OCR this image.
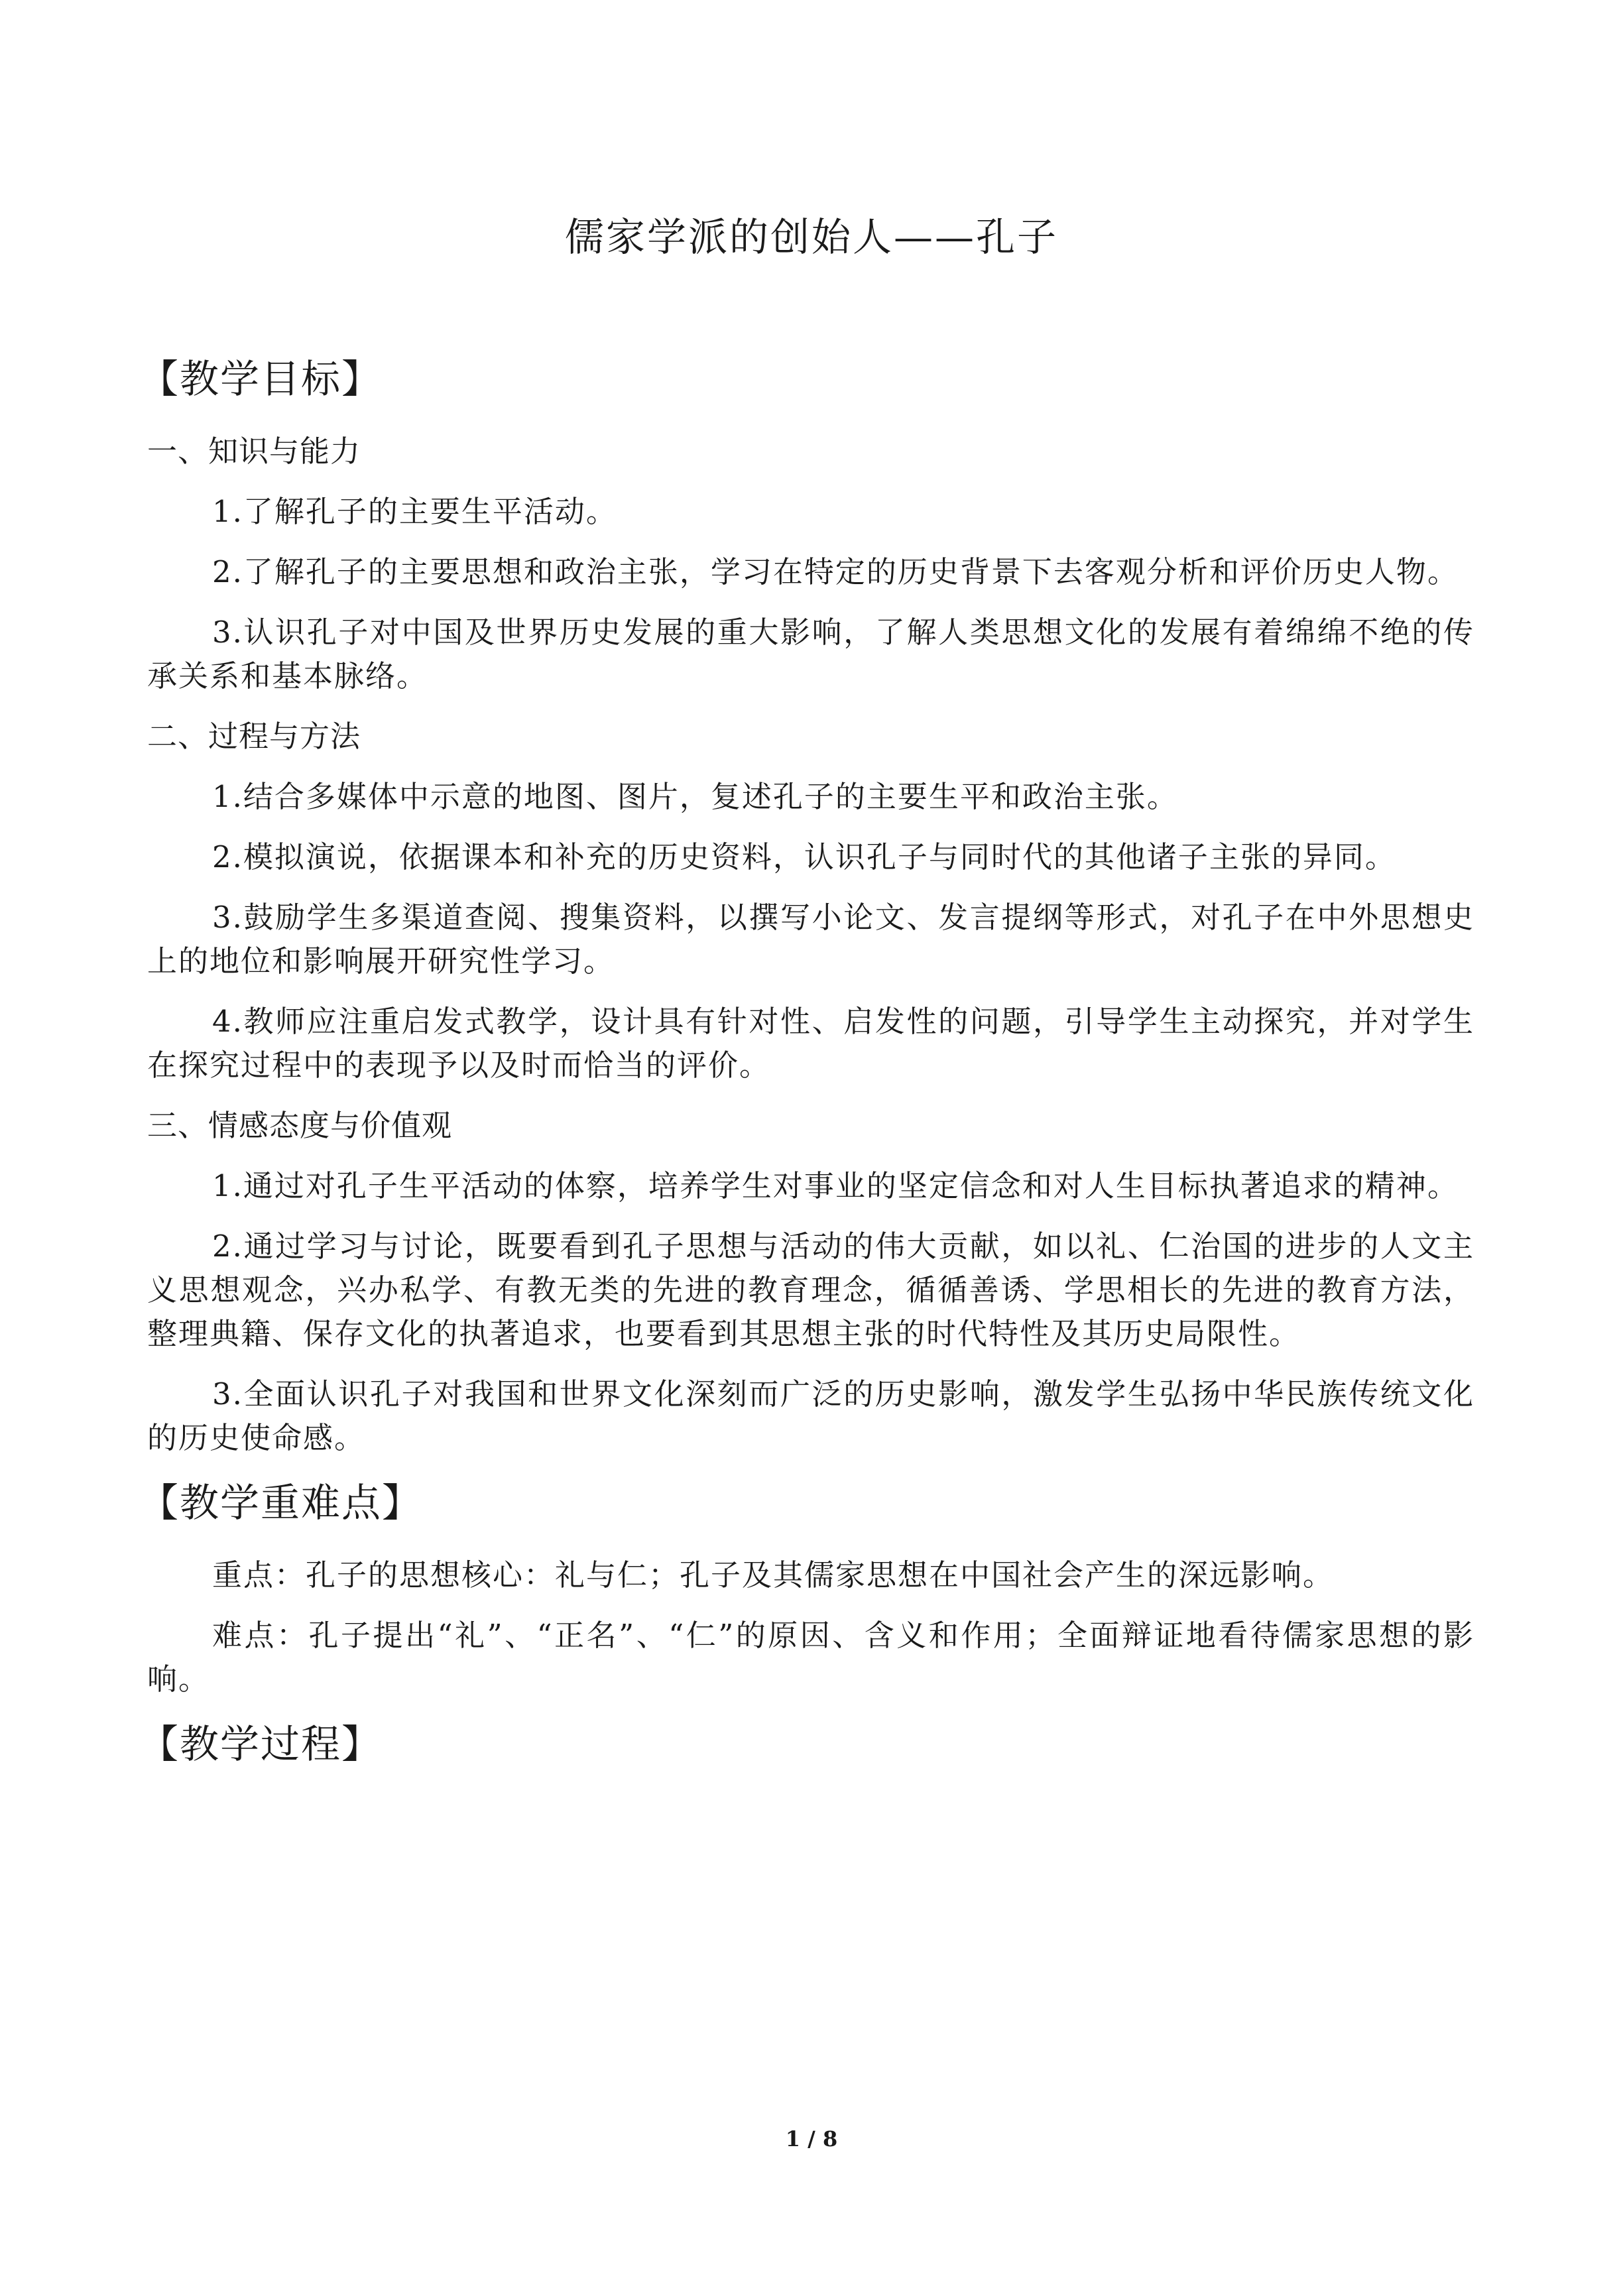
儒家学派的创始人——孔子
【教学目标】
一、知识与能力

1.了解孔子的主要生平活动。

2.了解孔子的主要思想和政治主张，学习在特定的历史背景下去客观分析和评价历史人物。

3.认识孔子对中国及世界历史发展的重大影响，了解人类思想文化的发展有着绵绵不绝的传承关系和基本脉络。

二、过程与方法

1.结合多媒体中示意的地图、图片，复述孔子的主要生平和政治主张。

2.模拟演说，依据课本和补充的历史资料，认识孔子与同时代的其他诸子主张的异同。

3.鼓励学生多渠道查阅、搜集资料，以撰写小论文、发言提纲等形式，对孔子在中外思想史上的地位和影响展开研究性学习。

4.教师应注重启发式教学，设计具有针对性、启发性的问题，引导学生主动探究，并对学生在探究过程中的表现予以及时而恰当的评价。

三、情感态度与价值观

1.通过对孔子生平活动的体察，培养学生对事业的坚定信念和对人生目标执著追求的精神。

2.通过学习与讨论，既要看到孔子思想与活动的伟大贡献，如以礼、仁治国的进步的人文主义思想观念，兴办私学、有教无类的先进的教育理念，循循善诱、学思相长的先进的教育方法，整理典籍、保存文化的执著追求，也要看到其思想主张的时代特性及其历史局限性。

3.全面认识孔子对我国和世界文化深刻而广泛的历史影响，激发学生弘扬中华民族传统文化的历史使命感。

【教学重难点】

重点：孔子的思想核心：礼与仁；孔子及其儒家思想在中国社会产生的深远影响。

难点：孔子提出“礼”、“正名”、“仁”的原因、含义和作用；全面辩证地看待儒家思想的影响。

【教学过程】
1 / 8
